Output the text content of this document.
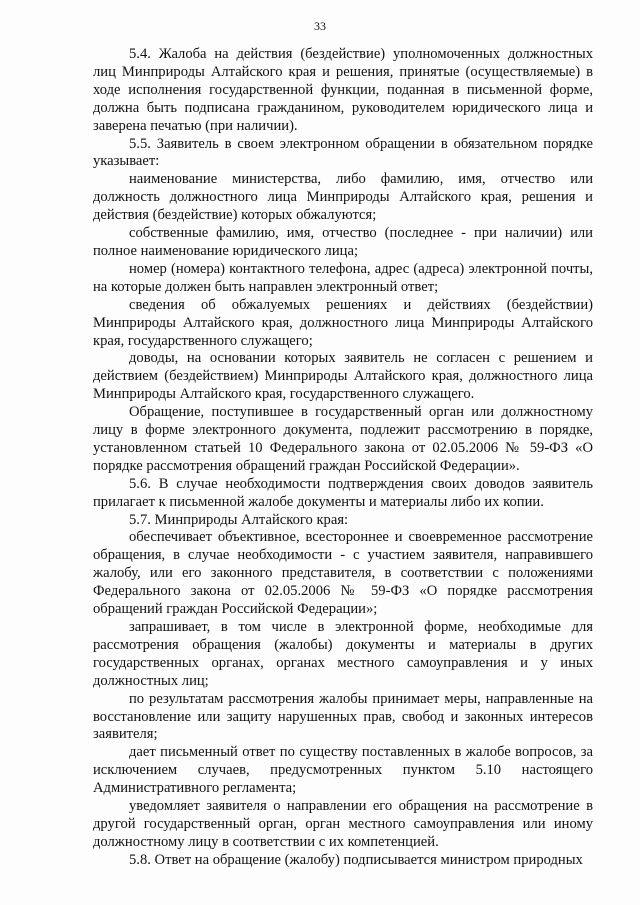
33

5.4. Жалоба на действия (бездействие) уполномоченных должностных лиц Минприроды Алтайского края и решения, принятые (осуществляемые) в ходе исполнения государственной функции, поданная в письменной форме, должна быть подписана гражданином, руководителем юридического лица и заверена печатью (при наличии).

5.5. Заявитель в своем электронном обращении в обязательном порядке указывает:

наименование министерства, либо фамилию, имя, отчество или должность должностного лица Минприроды Алтайского края, решения и действия (бездействие) которых обжалуются;

собственные фамилию, имя, отчество (последнее - при наличии) или полное наименование юридического лица;

номер (номера) контактного телефона, адрес (адреса) электронной почты, на которые должен быть направлен электронный ответ;

сведения об обжалуемых решениях и действиях (бездействии) Минприроды Алтайского края, должностного лица Минприроды Алтайского края, государственного служащего;

доводы, на основании которых заявитель не согласен с решением и действием (бездействием) Минприроды Алтайского края, должностного лица Минприроды Алтайского края, государственного служащего.

Обращение, поступившее в государственный орган или должностному лицу в форме электронного документа, подлежит рассмотрению в порядке, установленном статьей 10 Федерального закона от 02.05.2006 № 59-ФЗ «О порядке рассмотрения обращений граждан Российской Федерации».

5.6. В случае необходимости подтверждения своих доводов заявитель прилагает к письменной жалобе документы и материалы либо их копии.

5.7. Минприроды Алтайского края:

обеспечивает объективное, всестороннее и своевременное рассмотрение обращения, в случае необходимости - с участием заявителя, направившего жалобу, или его законного представителя, в соответствии с положениями Федерального закона от 02.05.2006 № 59-ФЗ «О порядке рассмотрения обращений граждан Российской Федерации»;

запрашивает, в том числе в электронной форме, необходимые для рассмотрения обращения (жалобы) документы и материалы в других государственных органах, органах местного самоуправления и у иных должностных лиц;

по результатам рассмотрения жалобы принимает меры, направленные на восстановление или защиту нарушенных прав, свобод и законных интересов заявителя;

дает письменный ответ по существу поставленных в жалобе вопросов, за исключением случаев, предусмотренных пунктом 5.10 настоящего Административного регламента;

уведомляет заявителя о направлении его обращения на рассмотрение в другой государственный орган, орган местного самоуправления или иному должностному лицу в соответствии с их компетенцией.

5.8. Ответ на обращение (жалобу) подписывается министром природных
